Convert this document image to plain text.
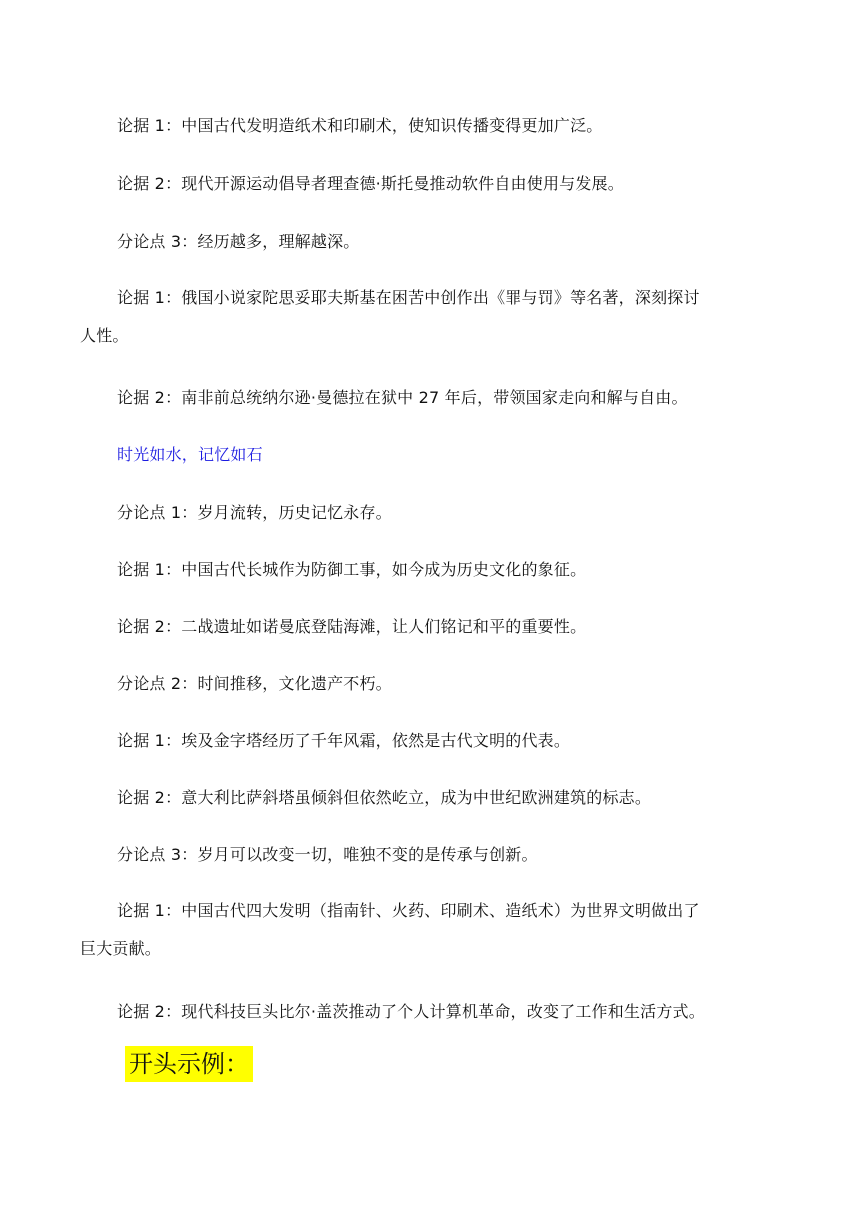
论据 1：中国古代发明造纸术和印刷术，使知识传播变得更加广泛。
论据 2：现代开源运动倡导者理查德·斯托曼推动软件自由使用与发展。
分论点 3：经历越多，理解越深。
论据 1：俄国小说家陀思妥耶夫斯基在困苦中创作出《罪与罚》等名著，深刻探讨
人性。
论据 2：南非前总统纳尔逊·曼德拉在狱中 27 年后，带领国家走向和解与自由。
时光如水，记忆如石
分论点 1：岁月流转，历史记忆永存。
论据 1：中国古代长城作为防御工事，如今成为历史文化的象征。
论据 2：二战遗址如诺曼底登陆海滩，让人们铭记和平的重要性。
分论点 2：时间推移，文化遗产不朽。
论据 1：埃及金字塔经历了千年风霜，依然是古代文明的代表。
论据 2：意大利比萨斜塔虽倾斜但依然屹立，成为中世纪欧洲建筑的标志。
分论点 3：岁月可以改变一切，唯独不变的是传承与创新。
论据 1：中国古代四大发明（指南针、火药、印刷术、造纸术）为世界文明做出了
巨大贡献。
论据 2：现代科技巨头比尔·盖茨推动了个人计算机革命，改变了工作和生活方式。
开头示例：
